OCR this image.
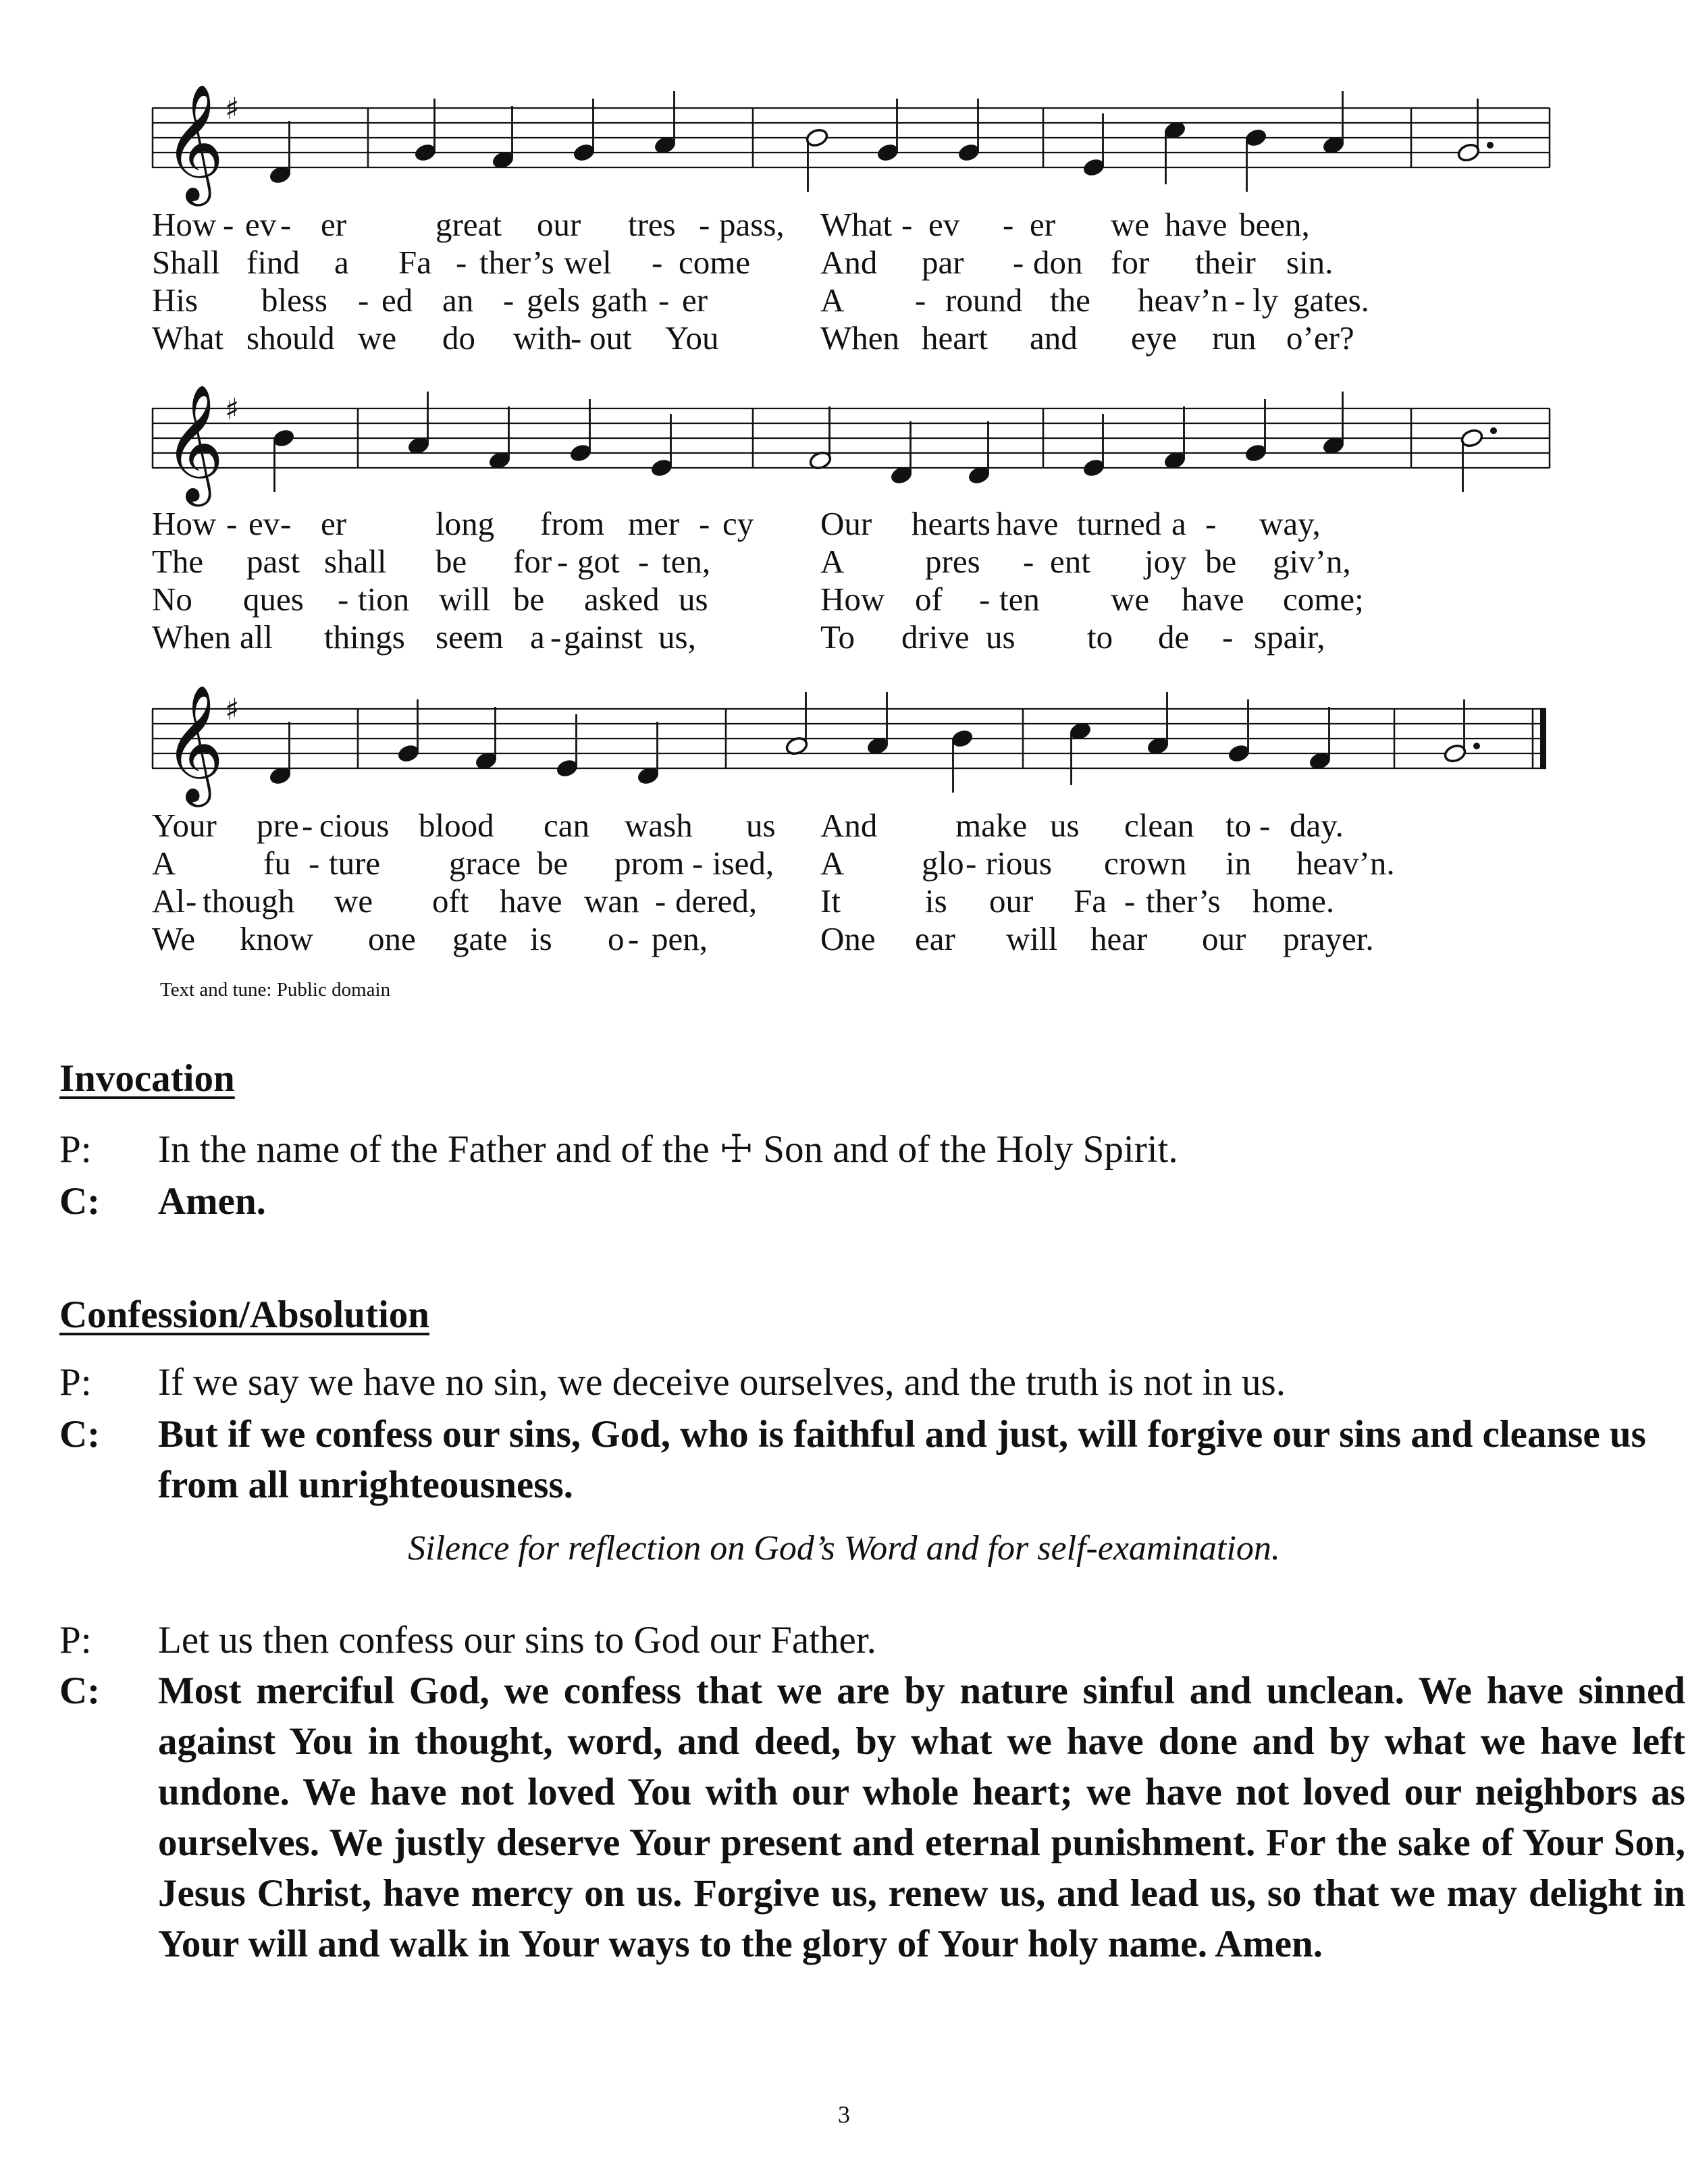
𝄞 ♯
How - ev - er	great our tres - pass, What - ev - er we have been,
Shall find a Fa - ther’s wel - come And par - don for their sin.
His bless - ed an - gels gath - er	A - round the heav’n - ly gates.
What should we do with
- out You	When heart and eye run o’er?
𝄞 ♯
How - ev - er	long from mer - cy Our hearts have turned a - way,
The past shall be for - got - ten,	A pres - ent joy be giv’n,
No ques - tion will be asked us	How of - ten we have come;
When all things seem a - gainst us,	To drive us to de - spair,
𝄞 ♯
Your pre - cious blood can wash us And make us clean to - day.
A	fu - ture grace be prom - ised, A glo - rious crown in heav’n.
Al - though we oft have wan - dered, It	is our Fa - ther’s home.
We know one gate is o - pen,	One ear will hear our prayer.
Text and tune: Public domain
Invocation
P: In the name of the Father and of the ☩ Son and of the Holy Spirit.
C: Amen.
Confession/Absolution
P: If we say we have no sin, we deceive ourselves, and the truth is not in us.
C: But if we confess our sins, God, who is faithful and just, will forgive our sins and cleanse us from all unrighteousness.
Silence for reflection on God’s Word and for self-examination.
P: Let us then confess our sins to God our Father.
C: Most merciful God, we confess that we are by nature sinful and unclean. We have sinned against You in thought, word, and deed, by what we have done and by what we have left undone. We have not loved You with our whole heart; we have not loved our neighbors as ourselves. We justly deserve Your present and eternal punishment. For the sake of Your Son, Jesus Christ, have mercy on us. Forgive us, renew us, and lead us, so that we may delight in Your will and walk in Your ways to the glory of Your holy name. Amen.
3
